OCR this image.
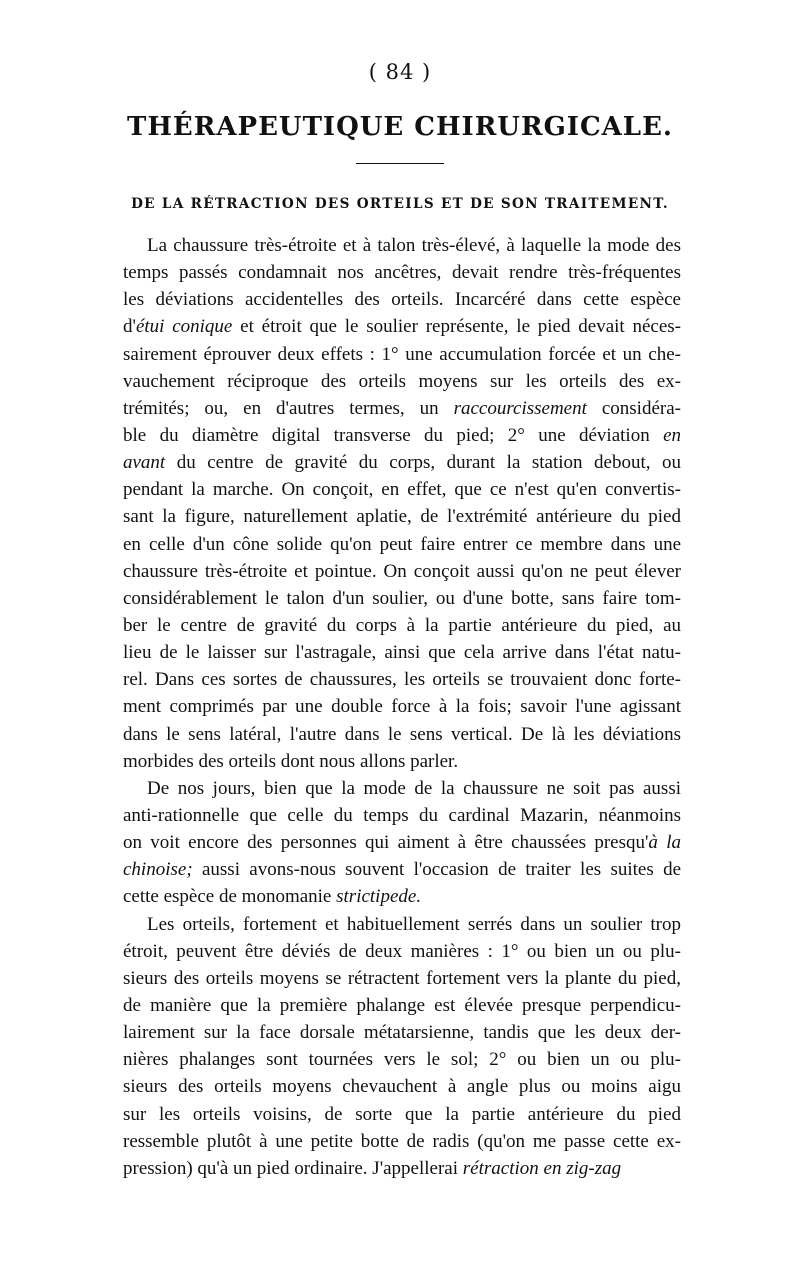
( 84 )
THÉRAPEUTIQUE CHIRURGICALE.
DE LA RÉTRACTION DES ORTEILS ET DE SON TRAITEMENT.
La chaussure très-étroite et à talon très-élevé, à laquelle la mode des
temps passés condamnait nos ancêtres, devait rendre très-fréquentes
les déviations accidentelles des orteils. Incarcéré dans cette espèce
d'étui conique et étroit que le soulier représente, le pied devait néces-
sairement éprouver deux effets : 1° une accumulation forcée et un che-
vauchement réciproque des orteils moyens sur les orteils des ex-
trémités; ou, en d'autres termes, un raccourcissement considéra-
ble du diamètre digital transverse du pied; 2° une déviation en
avant du centre de gravité du corps, durant la station debout, ou
pendant la marche. On conçoit, en effet, que ce n'est qu'en convertis-
sant la figure, naturellement aplatie, de l'extrémité antérieure du pied
en celle d'un cône solide qu'on peut faire entrer ce membre dans une
chaussure très-étroite et pointue. On conçoit aussi qu'on ne peut élever
considérablement le talon d'un soulier, ou d'une botte, sans faire tom-
ber le centre de gravité du corps à la partie antérieure du pied, au
lieu de le laisser sur l'astragale, ainsi que cela arrive dans l'état natu-
rel. Dans ces sortes de chaussures, les orteils se trouvaient donc forte-
ment comprimés par une double force à la fois; savoir l'une agissant
dans le sens latéral, l'autre dans le sens vertical. De là les déviations
morbides des orteils dont nous allons parler.
De nos jours, bien que la mode de la chaussure ne soit pas aussi
anti-rationnelle que celle du temps du cardinal Mazarin, néanmoins
on voit encore des personnes qui aiment à être chaussées presqu'à la
chinoise; aussi avons-nous souvent l'occasion de traiter les suites de
cette espèce de monomanie strictipede.
Les orteils, fortement et habituellement serrés dans un soulier trop
étroit, peuvent être déviés de deux manières : 1° ou bien un ou plu-
sieurs des orteils moyens se rétractent fortement vers la plante du pied,
de manière que la première phalange est élevée presque perpendicu-
lairement sur la face dorsale métatarsienne, tandis que les deux der-
nières phalanges sont tournées vers le sol; 2° ou bien un ou plu-
sieurs des orteils moyens chevauchent à angle plus ou moins aigu
sur les orteils voisins, de sorte que la partie antérieure du pied
ressemble plutôt à une petite botte de radis (qu'on me passe cette ex-
pression) qu'à un pied ordinaire. J'appellerai rétraction en zig-zag
